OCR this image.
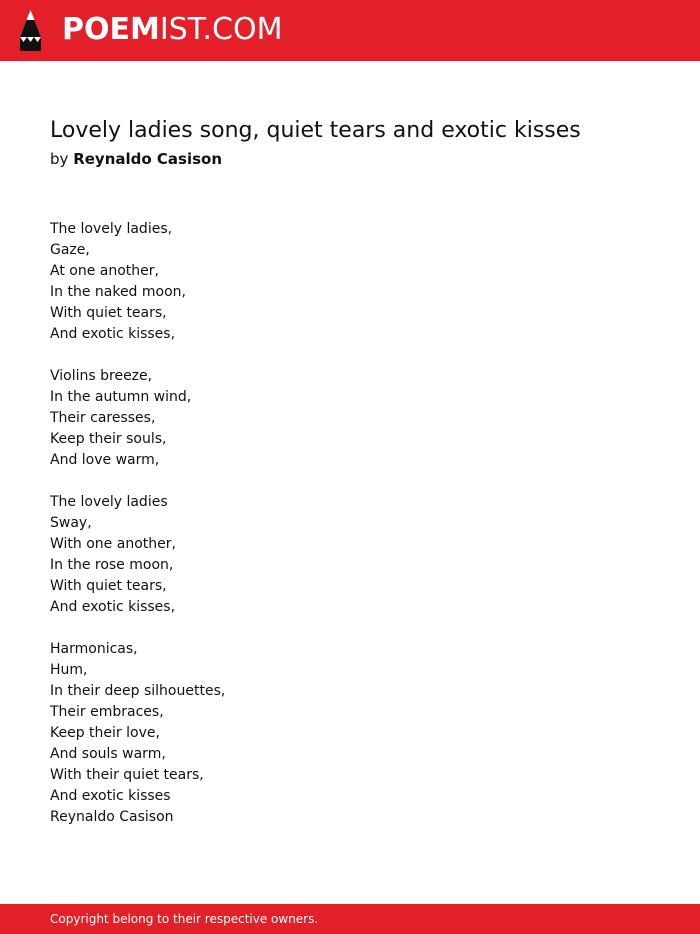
POEMIST.COM
Lovely ladies song, quiet tears and exotic kisses
by Reynaldo Casison
The lovely ladies,
Gaze,
At one another,
In the naked moon,
With quiet tears,
And exotic kisses,
Violins breeze,
In the autumn wind,
Their caresses,
Keep their souls,
And love warm,
The lovely ladies
Sway,
With one another,
In the rose moon,
With quiet tears,
And exotic kisses,
Harmonicas,
Hum,
In their deep silhouettes,
Their embraces,
Keep their love,
And souls warm,
With their quiet tears,
And exotic kisses
Reynaldo Casison
Copyright belong to their respective owners.
